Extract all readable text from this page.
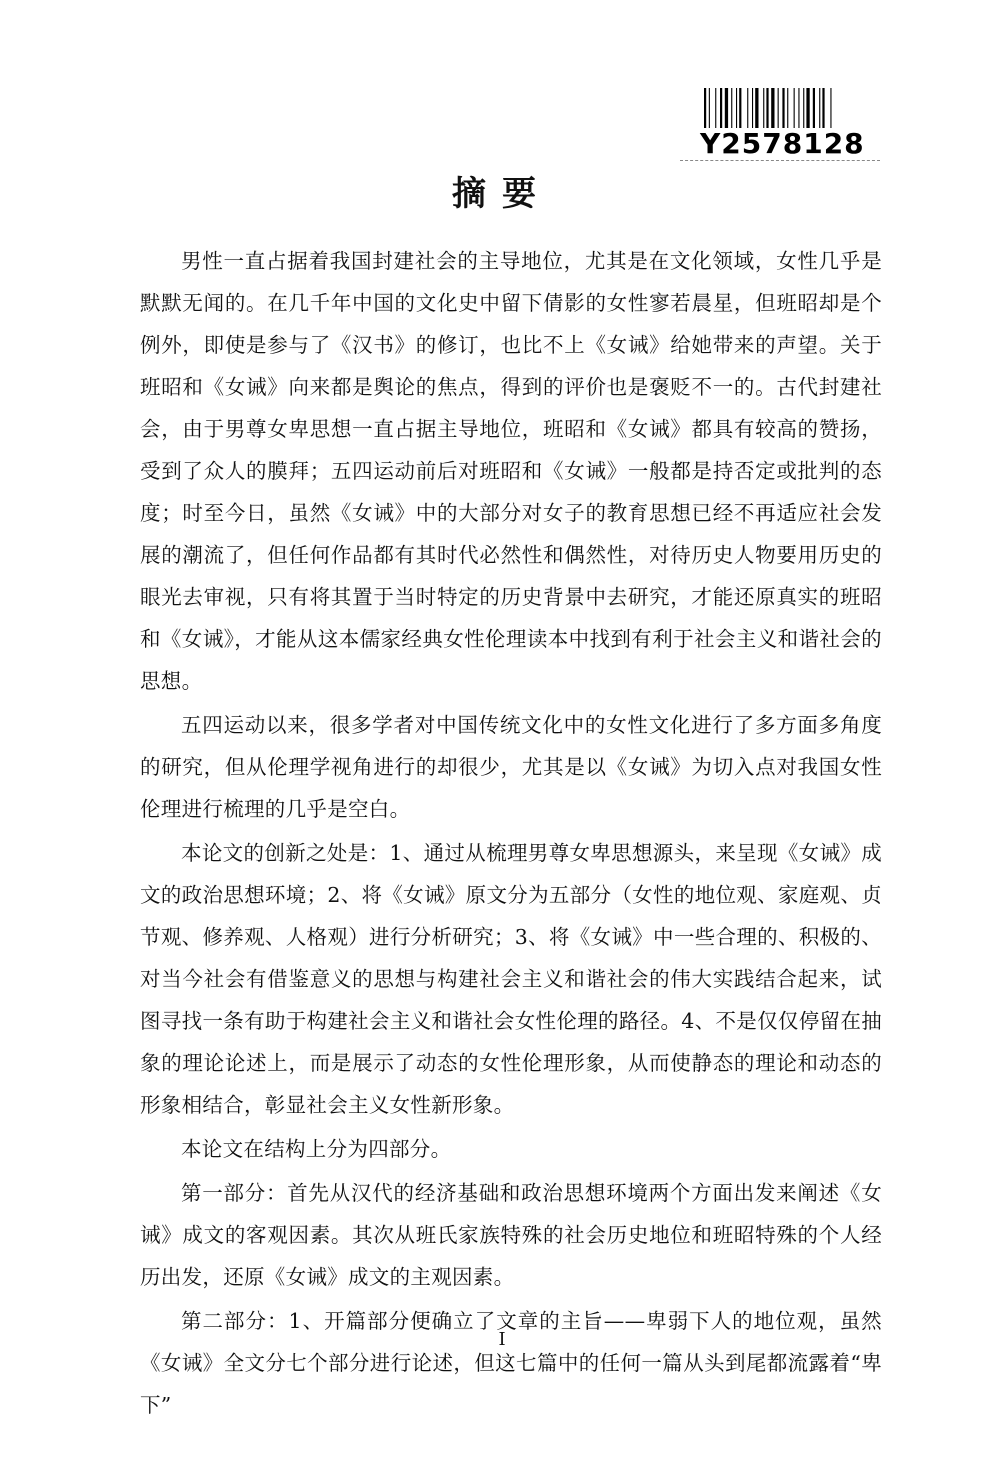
Y2578128
摘要

男性一直占据着我国封建社会的主导地位，尤其是在文化领域，女性几乎是默默无闻的。在几千年中国的文化史中留下倩影的女性寥若晨星，但班昭却是个例外，即使是参与了《汉书》的修订，也比不上《女诫》给她带来的声望。关于班昭和《女诫》向来都是舆论的焦点，得到的评价也是褒贬不一的。古代封建社会，由于男尊女卑思想一直占据主导地位，班昭和《女诫》都具有较高的赞扬，受到了众人的膜拜；五四运动前后对班昭和《女诫》一般都是持否定或批判的态度；时至今日，虽然《女诫》中的大部分对女子的教育思想已经不再适应社会发展的潮流了，但任何作品都有其时代必然性和偶然性，对待历史人物要用历史的眼光去审视，只有将其置于当时特定的历史背景中去研究，才能还原真实的班昭和《女诫》，才能从这本儒家经典女性伦理读本中找到有利于社会主义和谐社会的思想。

五四运动以来，很多学者对中国传统文化中的女性文化进行了多方面多角度的研究，但从伦理学视角进行的却很少，尤其是以《女诫》为切入点对我国女性伦理进行梳理的几乎是空白。

本论文的创新之处是：1、通过从梳理男尊女卑思想源头，来呈现《女诫》成文的政治思想环境；2、将《女诫》原文分为五部分（女性的地位观、家庭观、贞节观、修养观、人格观）进行分析研究；3、将《女诫》中一些合理的、积极的、对当今社会有借鉴意义的思想与构建社会主义和谐社会的伟大实践结合起来，试图寻找一条有助于构建社会主义和谐社会女性伦理的路径。4、不是仅仅停留在抽象的理论论述上，而是展示了动态的女性伦理形象，从而使静态的理论和动态的形象相结合，彰显社会主义女性新形象。

本论文在结构上分为四部分。

第一部分：首先从汉代的经济基础和政治思想环境两个方面出发来阐述《女诫》成文的客观因素。其次从班氏家族特殊的社会历史地位和班昭特殊的个人经历出发，还原《女诫》成文的主观因素。

第二部分：1、开篇部分便确立了文章的主旨——卑弱下人的地位观，虽然《女诫》全文分七个部分进行论述，但这七篇中的任何一篇从头到尾都流露着“卑下”

I
